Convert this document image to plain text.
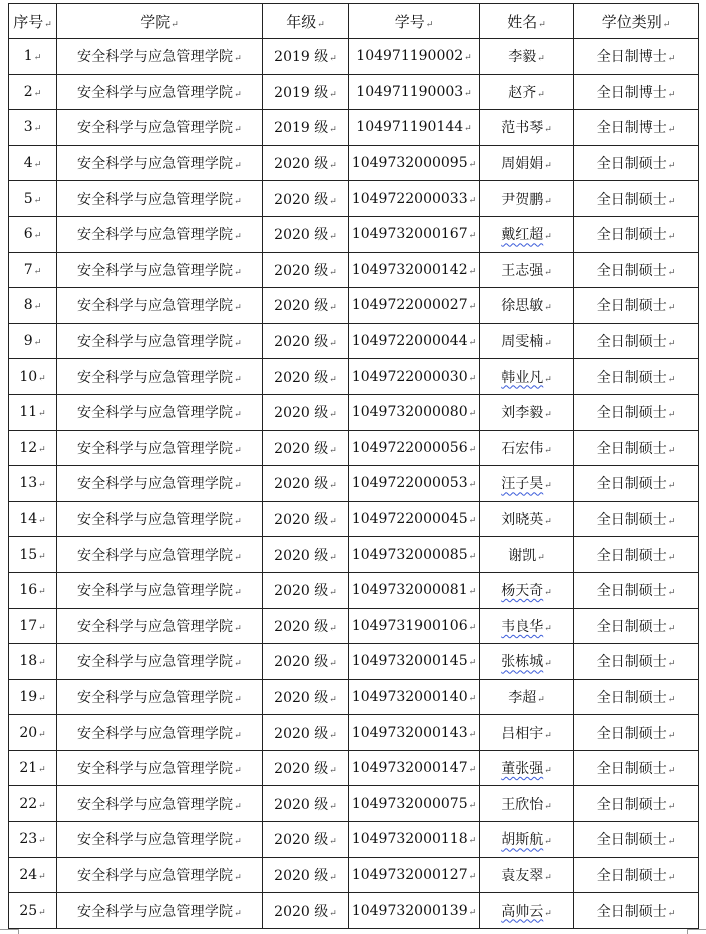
序号↵	学院↵	年级↵	学号↵	姓名↵	学位类别↵
1↵	安全科学与应急管理学院↵	2019 级↵	104971190002↵	李毅↵	全日制博士↵
2↵	安全科学与应急管理学院↵	2019 级↵	104971190003↵	赵齐↵	全日制博士↵
3↵	安全科学与应急管理学院↵	2019 级↵	104971190144↵	范书琴↵	全日制博士↵
4↵	安全科学与应急管理学院↵	2020 级↵	1049732000095↵	周娟娟↵	全日制硕士↵
5↵	安全科学与应急管理学院↵	2020 级↵	1049722000033↵	尹贺鹏↵	全日制硕士↵
6↵	安全科学与应急管理学院↵	2020 级↵	1049732000167↵	戴红超↵	全日制硕士↵
7↵	安全科学与应急管理学院↵	2020 级↵	1049732000142↵	王志强↵	全日制硕士↵
8↵	安全科学与应急管理学院↵	2020 级↵	1049722000027↵	徐思敏↵	全日制硕士↵
9↵	安全科学与应急管理学院↵	2020 级↵	1049722000044↵	周雯楠↵	全日制硕士↵
10↵	安全科学与应急管理学院↵	2020 级↵	1049722000030↵	韩业凡↵	全日制硕士↵
11↵	安全科学与应急管理学院↵	2020 级↵	1049732000080↵	刘李毅↵	全日制硕士↵
12↵	安全科学与应急管理学院↵	2020 级↵	1049722000056↵	石宏伟↵	全日制硕士↵
13↵	安全科学与应急管理学院↵	2020 级↵	1049722000053↵	汪子昊↵	全日制硕士↵
14↵	安全科学与应急管理学院↵	2020 级↵	1049722000045↵	刘晓英↵	全日制硕士↵
15↵	安全科学与应急管理学院↵	2020 级↵	1049732000085↵	谢凯↵	全日制硕士↵
16↵	安全科学与应急管理学院↵	2020 级↵	1049732000081↵	杨天奇↵	全日制硕士↵
17↵	安全科学与应急管理学院↵	2020 级↵	1049731900106↵	韦良华↵	全日制硕士↵
18↵	安全科学与应急管理学院↵	2020 级↵	1049732000145↵	张栋城↵	全日制硕士↵
19↵	安全科学与应急管理学院↵	2020 级↵	1049732000140↵	李超↵	全日制硕士↵
20↵	安全科学与应急管理学院↵	2020 级↵	1049732000143↵	吕相宇↵	全日制硕士↵
21↵	安全科学与应急管理学院↵	2020 级↵	1049732000147↵	董张强↵	全日制硕士↵
22↵	安全科学与应急管理学院↵	2020 级↵	1049732000075↵	王欣怡↵	全日制硕士↵
23↵	安全科学与应急管理学院↵	2020 级↵	1049732000118↵	胡斯航↵	全日制硕士↵
24↵	安全科学与应急管理学院↵	2020 级↵	1049732000127↵	袁友翠↵	全日制硕士↵
25↵	安全科学与应急管理学院↵	2020 级↵	1049732000139↵	高帅云↵	全日制硕士↵
